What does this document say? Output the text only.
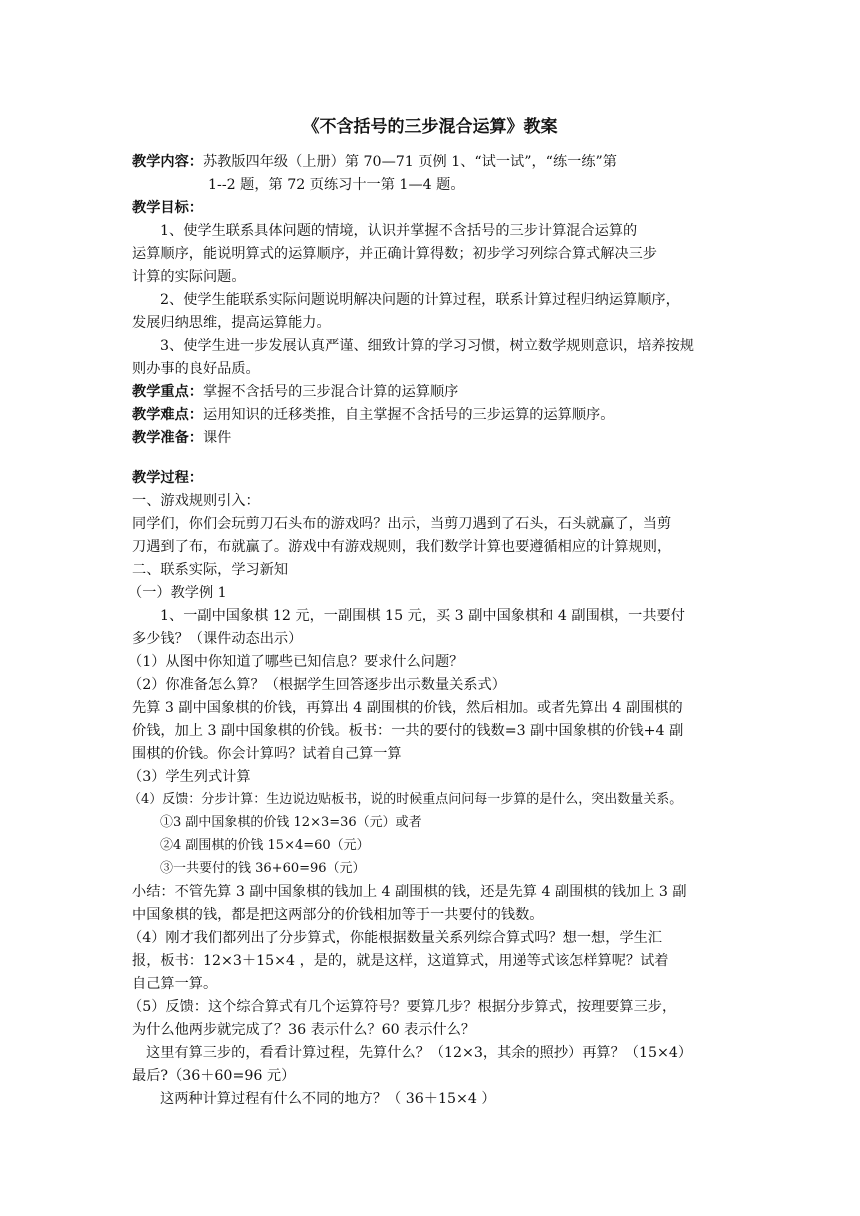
《不含括号的三步混合运算》教案
教学内容：苏教版四年级（上册）第 70—71 页例 1、“试一试”，“练一练”第
1--2 题，第 72 页练习十一第 1—4 题。
教学目标：
1、使学生联系具体问题的情境，认识并掌握不含括号的三步计算混合运算的
运算顺序，能说明算式的运算顺序，并正确计算得数；初步学习列综合算式解决三步
计算的实际问题。
2、使学生能联系实际问题说明解决问题的计算过程，联系计算过程归纳运算顺序，
发展归纳思维，提高运算能力。
3、使学生进一步发展认真严谨、细致计算的学习习惯，树立数学规则意识，培养按规
则办事的良好品质。
教学重点：掌握不含括号的三步混合计算的运算顺序
教学难点：运用知识的迁移类推，自主掌握不含括号的三步运算的运算顺序。
教学准备：课件
教学过程：
一、游戏规则引入：
同学们，你们会玩剪刀石头布的游戏吗？出示，当剪刀遇到了石头，石头就赢了，当剪
刀遇到了布，布就赢了。游戏中有游戏规则，我们数学计算也要遵循相应的计算规则，
二、联系实际，学习新知
（一）教学例 1
1、一副中国象棋 12 元，一副围棋 15 元，买 3 副中国象棋和 4 副围棋，一共要付
多少钱？（课件动态出示）
（1）从图中你知道了哪些已知信息？要求什么问题？
（2）你准备怎么算？（根据学生回答逐步出示数量关系式）
先算 3 副中国象棋的价钱，再算出 4 副围棋的价钱，然后相加。或者先算出 4 副围棋的
价钱，加上 3 副中国象棋的价钱。板书：一共的要付的钱数=3 副中国象棋的价钱+4 副
围棋的价钱。你会计算吗？试着自己算一算
（3）学生列式计算
（4）反馈：分步计算：生边说边贴板书，说的时候重点问问每一步算的是什么，突出数量关系。
①3 副中国象棋的价钱 12×3=36（元）或者
②4 副围棋的价钱 15×4=60（元）
③一共要付的钱 36+60=96（元）
小结：不管先算 3 副中国象棋的钱加上 4 副围棋的钱，还是先算 4 副围棋的钱加上 3 副
中国象棋的钱，都是把这两部分的价钱相加等于一共要付的钱数。
（4）刚才我们都列出了分步算式，你能根据数量关系列综合算式吗？想一想，学生汇
报，板书：12×3＋15×4 ，是的，就是这样，这道算式，用递等式该怎样算呢？试着
自己算一算。
（5）反馈：这个综合算式有几个运算符号？要算几步？根据分步算式，按理要算三步，
为什么他两步就完成了？36 表示什么？60 表示什么？
这里有算三步的，看看计算过程，先算什么？（12×3，其余的照抄）再算？（15×4）
最后?（36＋60=96 元）
这两种计算过程有什么不同的地方？（ 36＋15×4 ）
